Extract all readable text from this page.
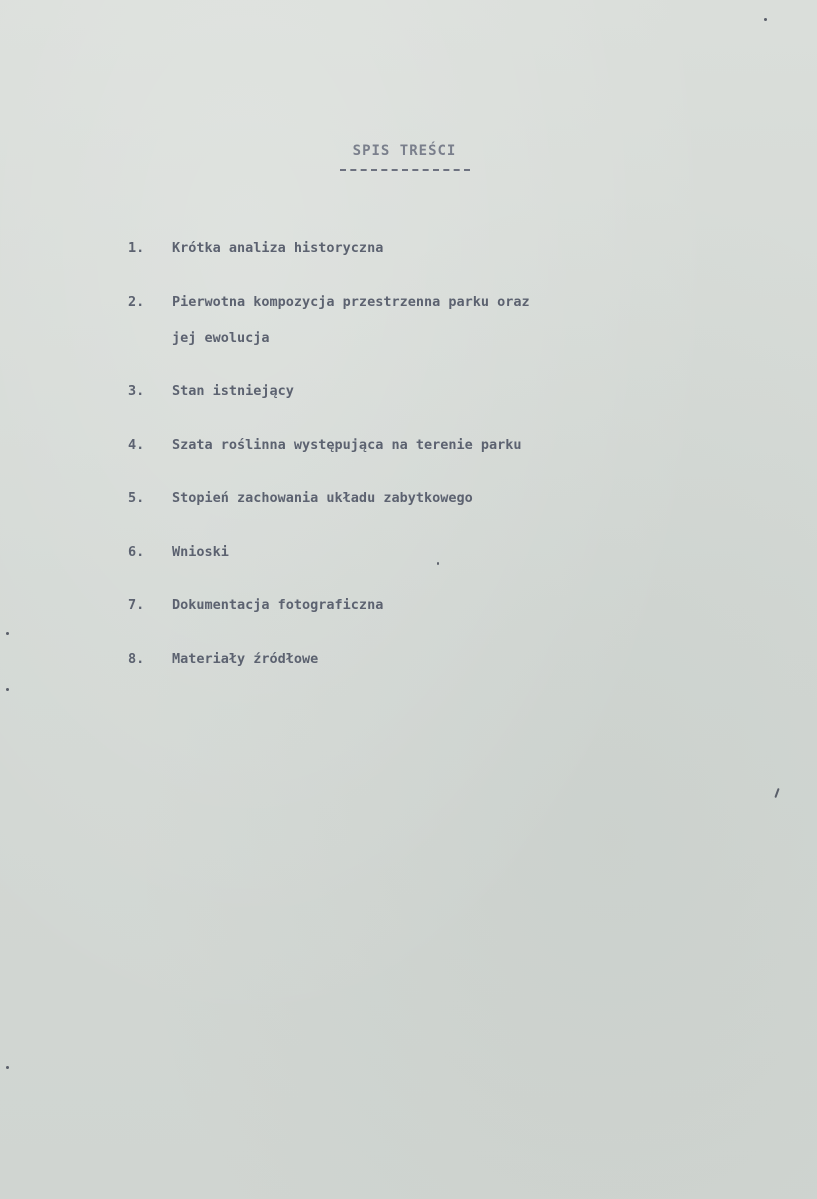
SPIS TREŚCI
1.	Krótka analiza historyczna
2.	Pierwotna kompozycja przestrzenna parku oraz
jej ewolucja
3.	Stan istniejący
4.	Szata roślinna występująca na terenie parku
5.	Stopień zachowania układu zabytkowego
6.	Wnioski
7.	Dokumentacja fotograficzna
8.	Materiały źródłowe
